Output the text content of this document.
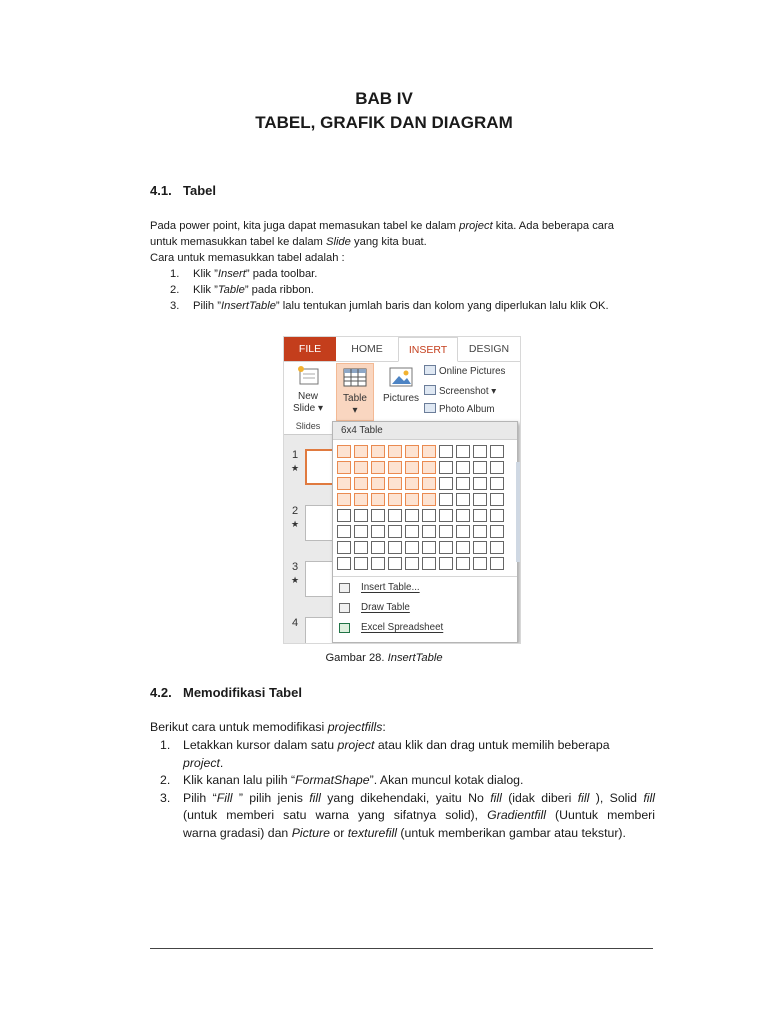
BAB IV
TABEL, GRAFIK DAN DIAGRAM
4.1. Tabel
Pada power point, kita juga dapat memasukan tabel ke dalam project kita. Ada beberapa cara
untuk memasukkan tabel ke dalam Slide yang kita buat.
Cara untuk memasukkan tabel adalah :
1. Klik ”Insert” pada toolbar.
2. Klik ”Table” pada ribbon.
3. Pilih ”InsertTable” lalu tentukan jumlah baris dan kolom yang diperlukan lalu klik OK.
FILE	HOME	INSERT	DESIGN
New
Slide ▾
Table
▾
Pictures
Online Pictures
Screenshot ▾
Photo Album
Slides
1
★
2
★
3
★
4
6x4 Table
Insert Table...
Draw Table
Excel Spreadsheet
Gambar 28. InsertTable
4.2. Memodifikasi Tabel
Berikut cara untuk memodifikasi projectfills:
1. Letakkan kursor dalam satu project atau klik dan drag untuk memilih beberapa
project.
2. Klik kanan lalu pilih “FormatShape”. Akan muncul kotak dialog.
3. Pilih “Fill ” pilih jenis fill yang dikehendaki, yaitu No fill (idak diberi fill ), Solid fill
(untuk memberi satu warna yang sifatnya solid), Gradientfill (Uuntuk memberi
warna gradasi) dan Picture or texturefill (untuk memberikan gambar atau tekstur).
